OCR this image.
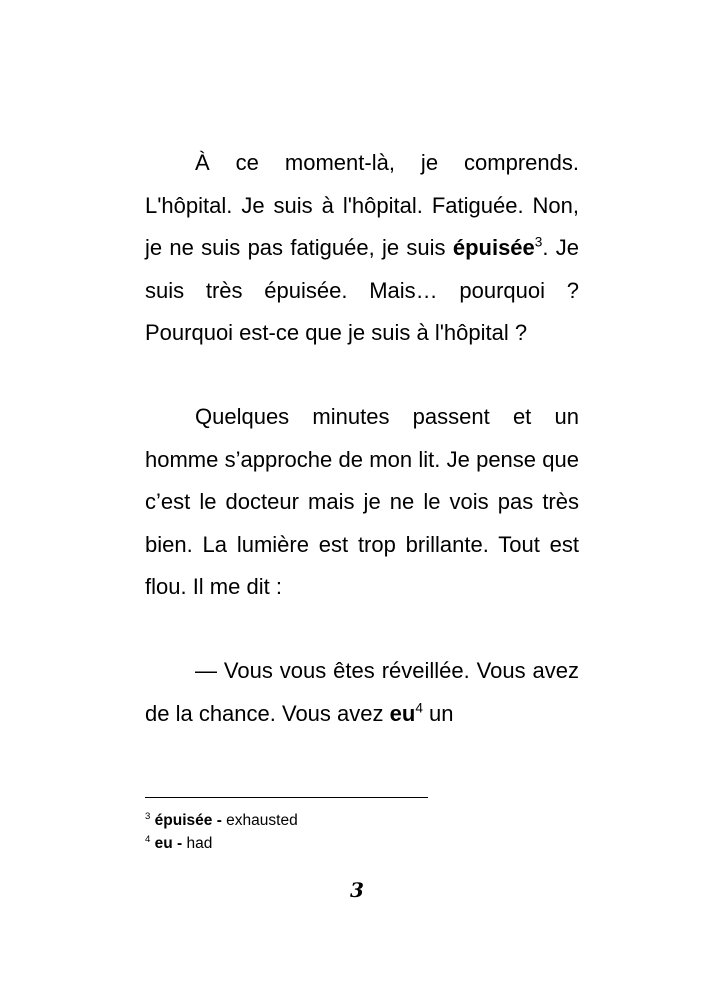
À ce moment-là, je comprends. L'hôpital. Je suis à l'hôpital. Fatiguée. Non, je ne suis pas fatiguée, je suis épuisée$^3$. Je suis très épuisée. Mais… pourquoi ? Pourquoi est-ce que je suis à l'hôpital ?

Quelques minutes passent et un homme s’approche de mon lit. Je pense que c’est le docteur mais je ne le vois pas très bien. La lumière est trop brillante. Tout est flou. Il me dit :

— Vous vous êtes réveillée. Vous avez de la chance. Vous avez $eu^4$ un

$^3$ épuisée - exhausted

$^4$ eu - had

3
